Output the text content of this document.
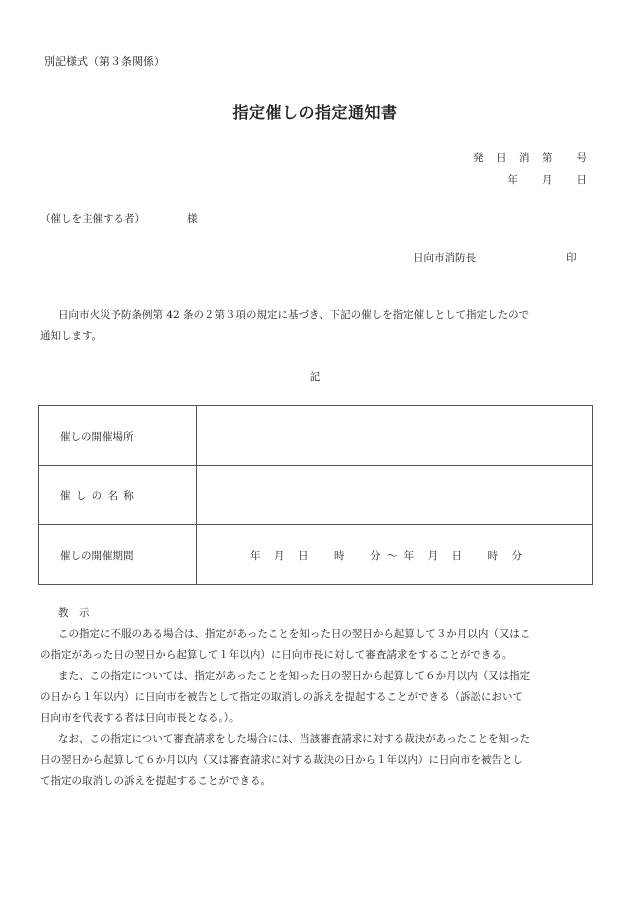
別記様式（第３条関係）
指定催しの指定通知書
発　日　消　第　　号
年　　月　　日
（催しを主催する者）	様
日向市消防長	印
日向市火災予防条例第 42 条の２第３項の規定に基づき、下記の催しを指定催しとして指定したので
通知します。
記
催しの開催場所
催 し の 名 称
催しの開催期間	年　月　日　　時　　分 〜 年　月　日　　時　分
教　示
この指定に不服のある場合は、指定があったことを知った日の翌日から起算して３か月以内（又はこ
の指定があった日の翌日から起算して１年以内）に日向市長に対して審査請求をすることができる。
また、この指定については、指定があったことを知った日の翌日から起算して６か月以内（又は指定
の日から１年以内）に日向市を被告として指定の取消しの訴えを提起することができる（訴訟において
日向市を代表する者は日向市長となる。）。
なお、この指定について審査請求をした場合には、当該審査請求に対する裁決があったことを知った
日の翌日から起算して６か月以内（又は審査請求に対する裁決の日から１年以内）に日向市を被告とし
て指定の取消しの訴えを提起することができる。
